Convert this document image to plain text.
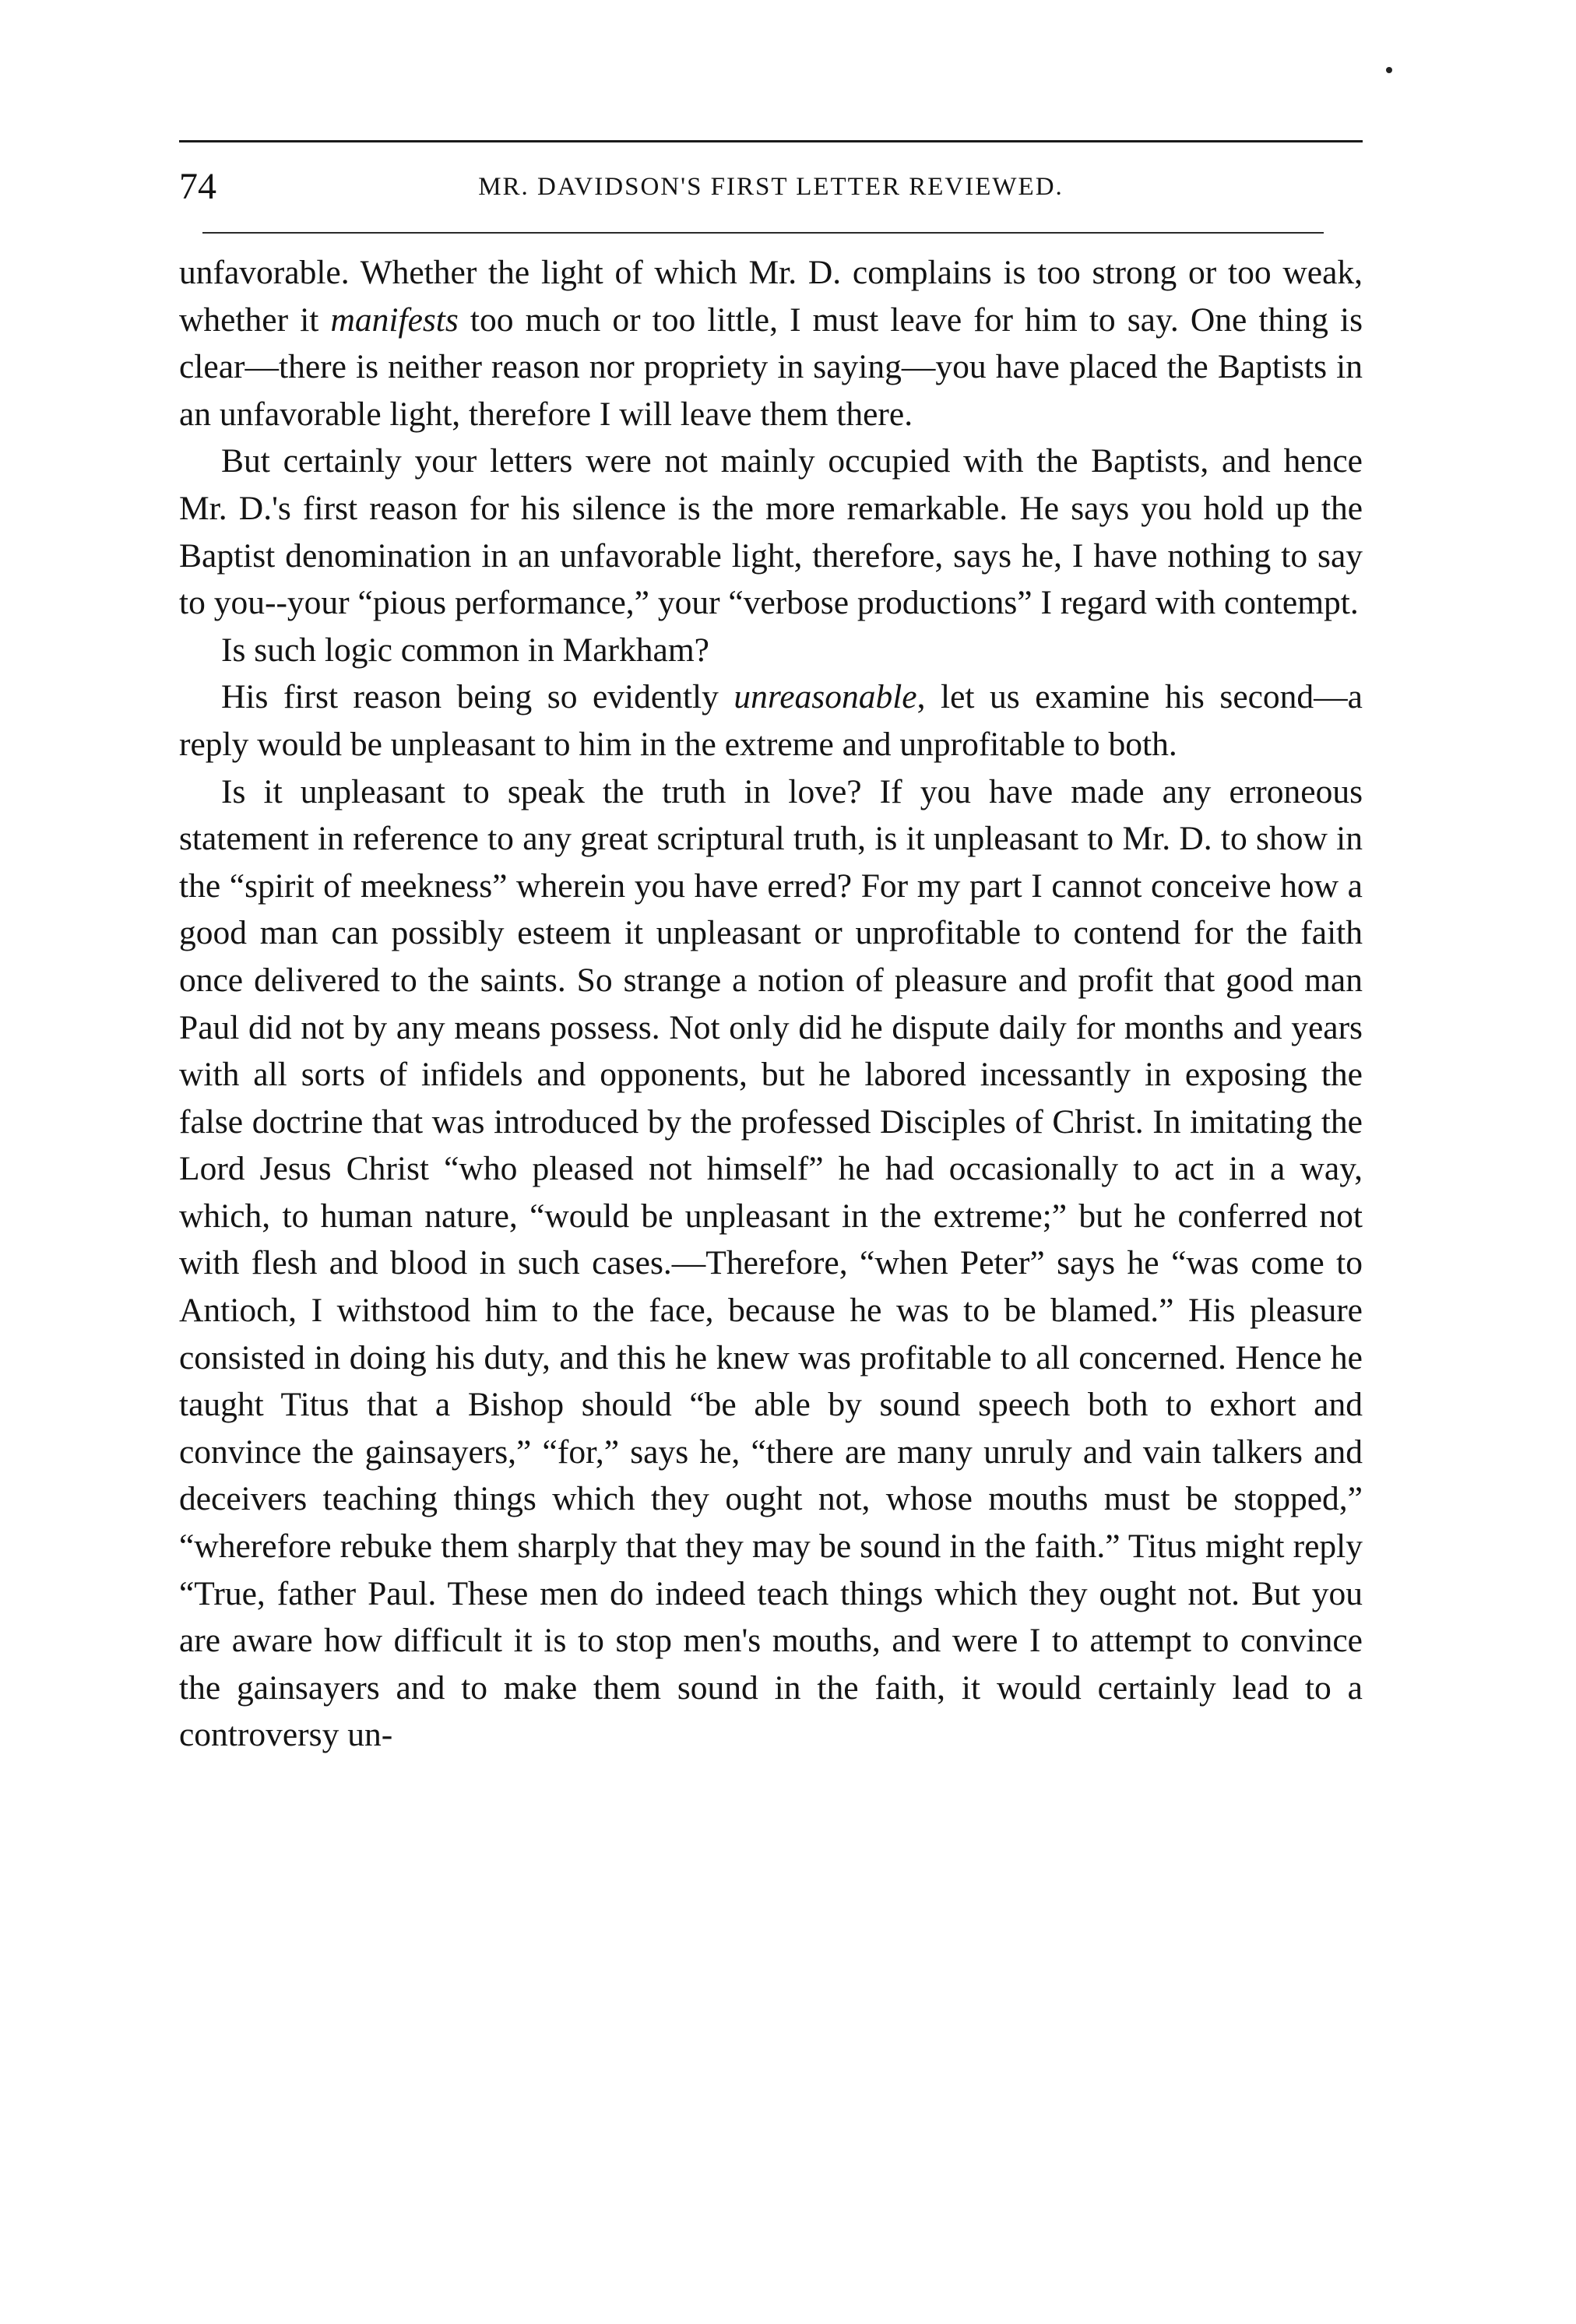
74	MR. DAVIDSON'S FIRST LETTER REVIEWED.

unfavorable. Whether the light of which Mr. D. complains is too strong or too weak, whether it manifests too much or too little, I must leave for him to say. One thing is clear—there is neither reason nor propriety in saying—you have placed the Baptists in an unfavorable light, therefore I will leave them there.

But certainly your letters were not mainly occupied with the Baptists, and hence Mr. D.'s first reason for his silence is the more remarkable. He says you hold up the Baptist denomination in an unfavorable light, therefore, says he, I have nothing to say to you--your “pious performance,” your “verbose productions” I regard with contempt.

Is such logic common in Markham?

His first reason being so evidently unreasonable, let us examine his second—a reply would be unpleasant to him in the extreme and unprofitable to both.

Is it unpleasant to speak the truth in love? If you have made any erroneous statement in reference to any great scriptural truth, is it unpleasant to Mr. D. to show in the “spirit of meekness” wherein you have erred? For my part I cannot conceive how a good man can possibly esteem it unpleasant or unprofitable to contend for the faith once delivered to the saints. So strange a notion of pleasure and profit that good man Paul did not by any means possess. Not only did he dispute daily for months and years with all sorts of infidels and opponents, but he labored incessantly in exposing the false doctrine that was introduced by the professed Disciples of Christ. In imitating the Lord Jesus Christ “who pleased not himself” he had occasionally to act in a way, which, to human nature, “would be unpleasant in the extreme;” but he conferred not with flesh and blood in such cases.—Therefore, “when Peter” says he “was come to Antioch, I withstood him to the face, because he was to be blamed.” His pleasure consisted in doing his duty, and this he knew was profitable to all concerned. Hence he taught Titus that a Bishop should “be able by sound speech both to exhort and convince the gainsayers,” “for,” says he, “there are many unruly and vain talkers and deceivers teaching things which they ought not, whose mouths must be stopped,” “wherefore rebuke them sharply that they may be sound in the faith.” Titus might reply “True, father Paul. These men do indeed teach things which they ought not. But you are aware how difficult it is to stop men's mouths, and were I to attempt to convince the gainsayers and to make them sound in the faith, it would certainly lead to a controversy un-
